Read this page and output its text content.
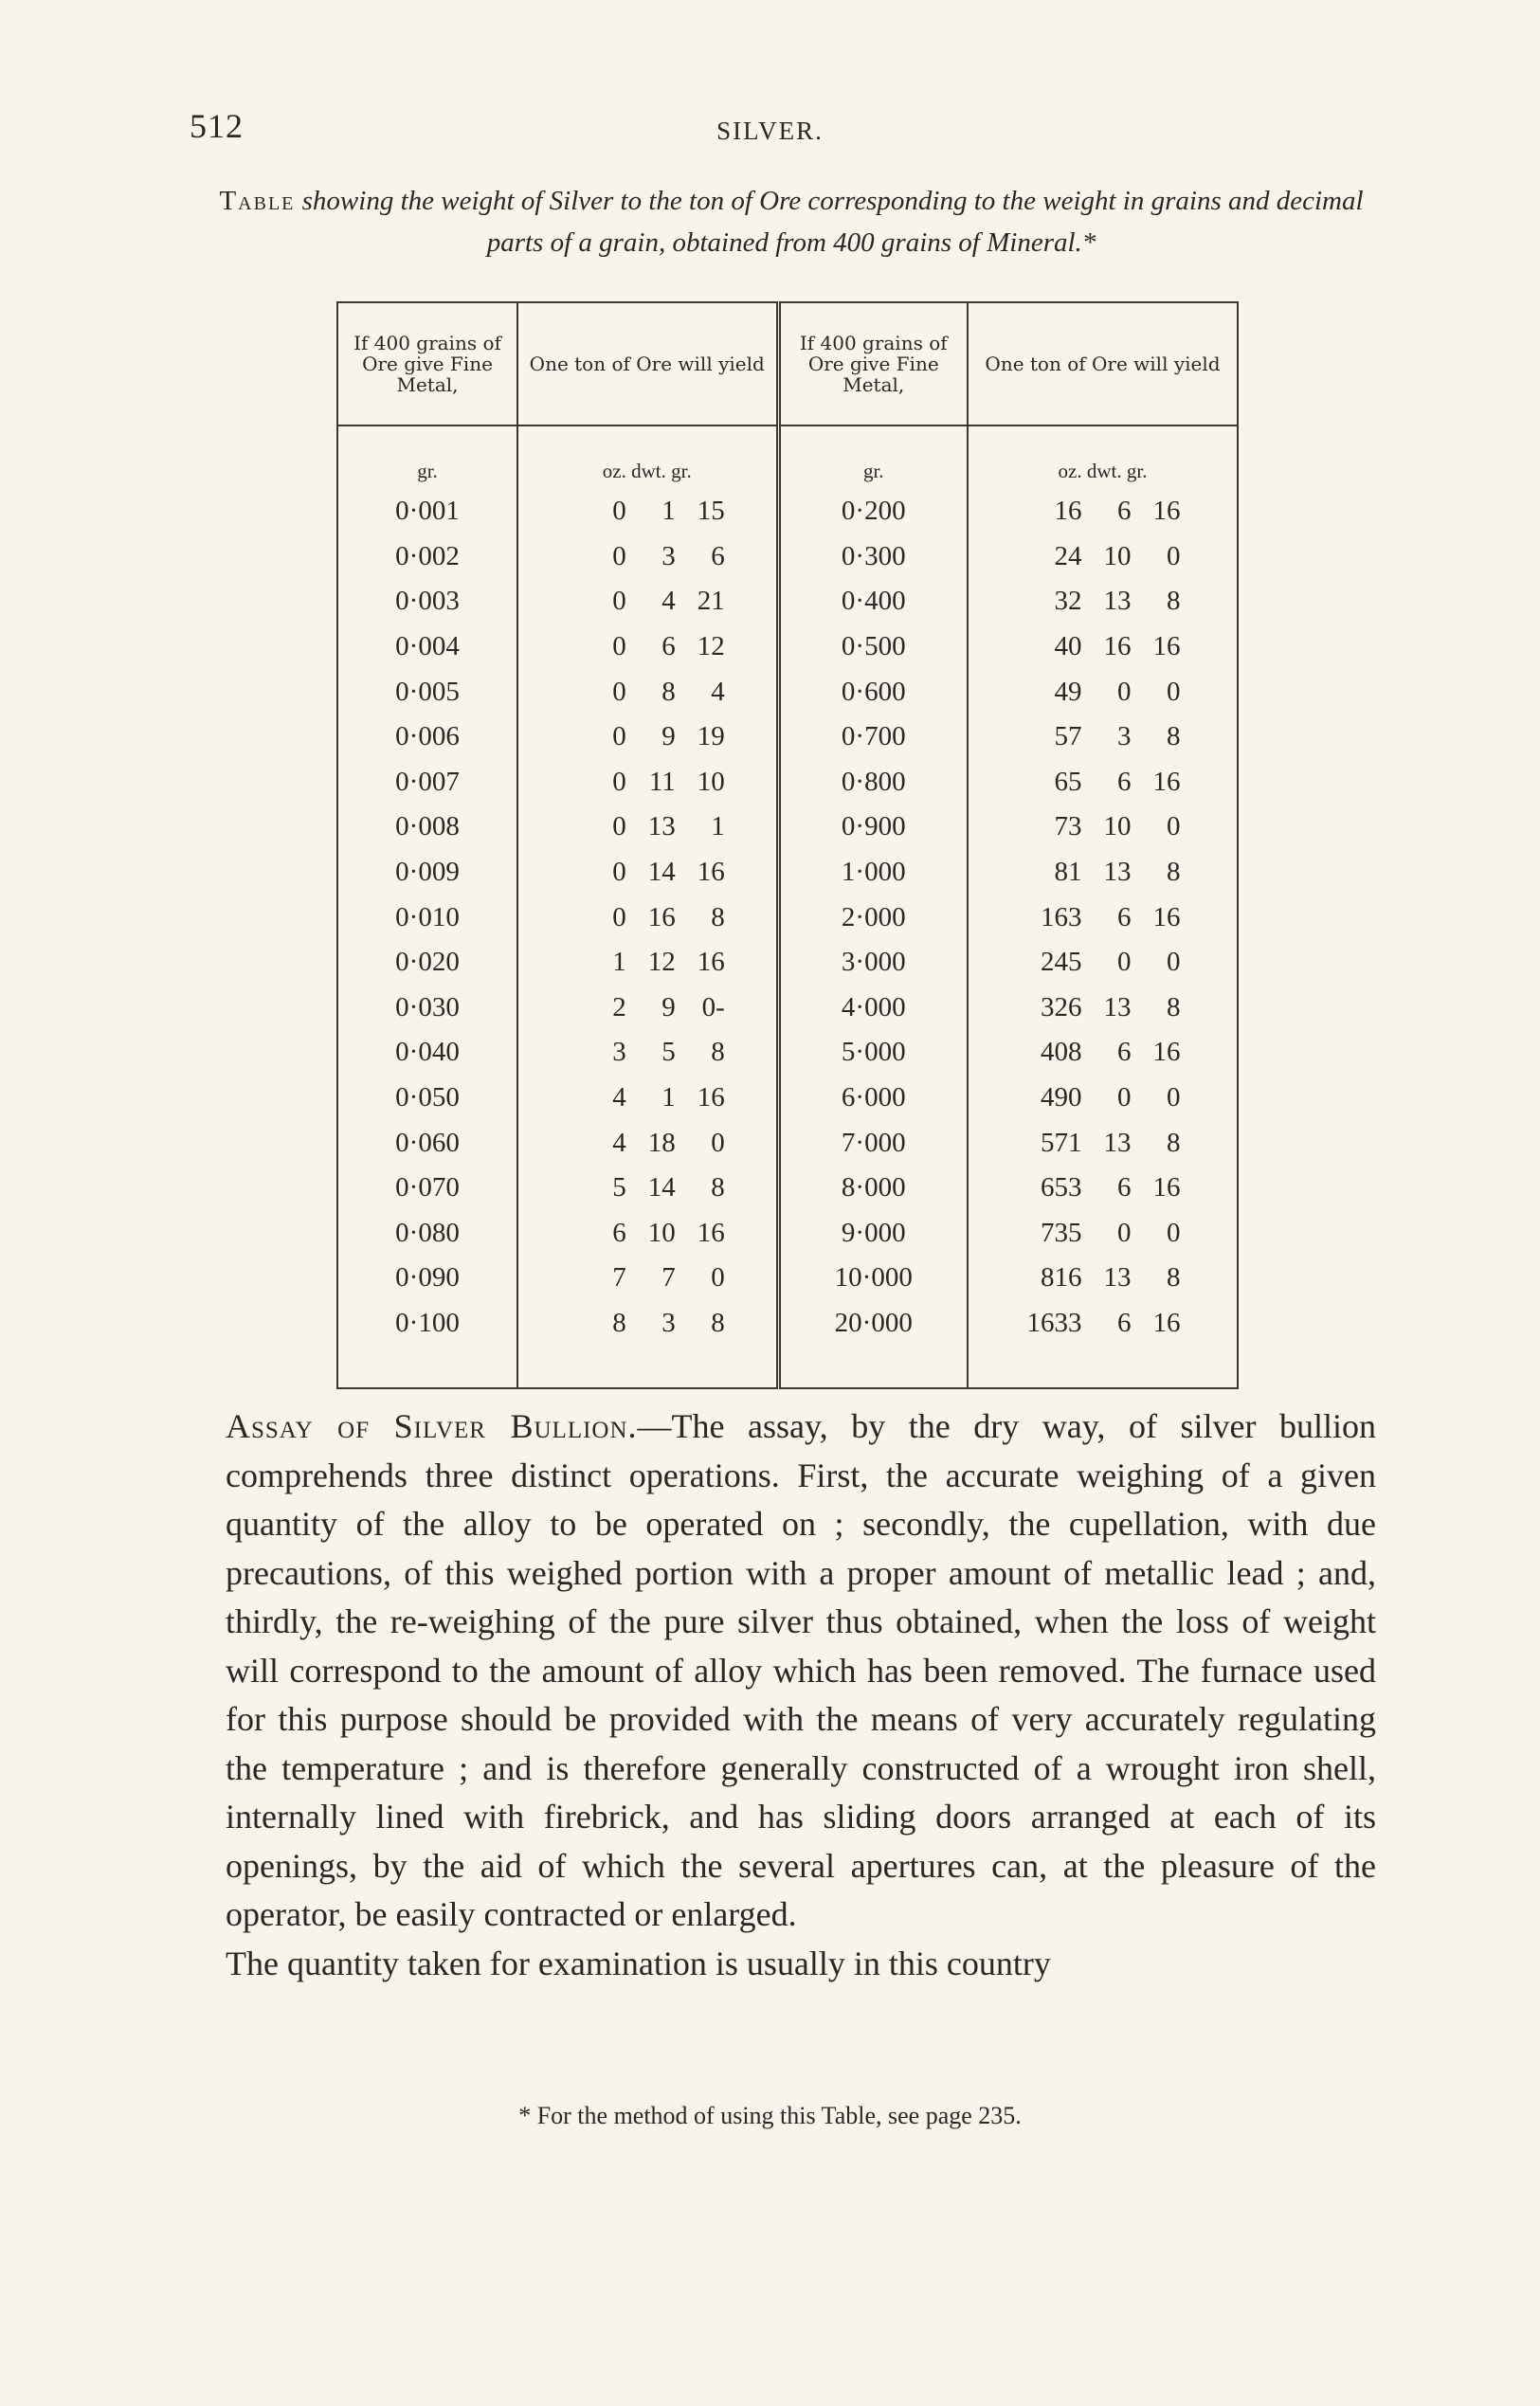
512	SILVER.
Table showing the weight of Silver to the ton of Ore corresponding to the weight in grains and decimal parts of a grain, obtained from 400 grains of Mineral.*
If 400 grains of Ore give Fine Metal,	One ton of Ore will yield	If 400 grains of Ore give Fine Metal,	One ton of Ore will yield
gr.	oz. dwt. gr.	gr.	oz. dwt. gr.
0·001	0 1 15	0·200	16 6 16

0·002	0 3 6	0·300	24 10 0

0·003	0 4 21	0·400	32 13 8

0·004	0 6 12	0·500	40 16 16

0·005	0 8 4	0·600	49 0 0

0·006	0 9 19	0·700	57 3 8

0·007	0 11 10	0·800	65 6 16

0·008	0 13 1	0·900	73 10 0

0·009	0 14 16	1·000	81 13 8

0·010	0 16 8	2·000	163 6 16

0·020	1 12 16	3·000	245 0 0

0·030	2 9 0-	4·000	326 13 8

0·040	3 5 8	5·000	408 6 16

0·050	4 1 16	6·000	490 0 0

0·060	4 18 0	7·000	571 13 8

0·070	5 14 8	8·000	653 6 16

0·080	6 10 16	9·000	735 0 0

0·090	7 7 0	10·000	816 13 8

0·100	8 3 8	20·000	1633 6 16

Assay of Silver Bullion.—The assay, by the dry way, of silver bullion comprehends three distinct operations. First, the accurate weighing of a given quantity of the alloy to be operated on ; secondly, the cupellation, with due precautions, of this weighed portion with a proper amount of metallic lead ; and, thirdly, the re-weighing of the pure silver thus obtained, when the loss of weight will correspond to the amount of alloy which has been removed. The furnace used for this purpose should be provided with the means of very accurately regulating the temperature ; and is therefore generally constructed of a wrought iron shell, internally lined with firebrick, and has sliding doors arranged at each of its openings, by the aid of which the several apertures can, at the pleasure of the operator, be easily contracted or enlarged.

The quantity taken for examination is usually in this country

* For the method of using this Table, see page 235.
